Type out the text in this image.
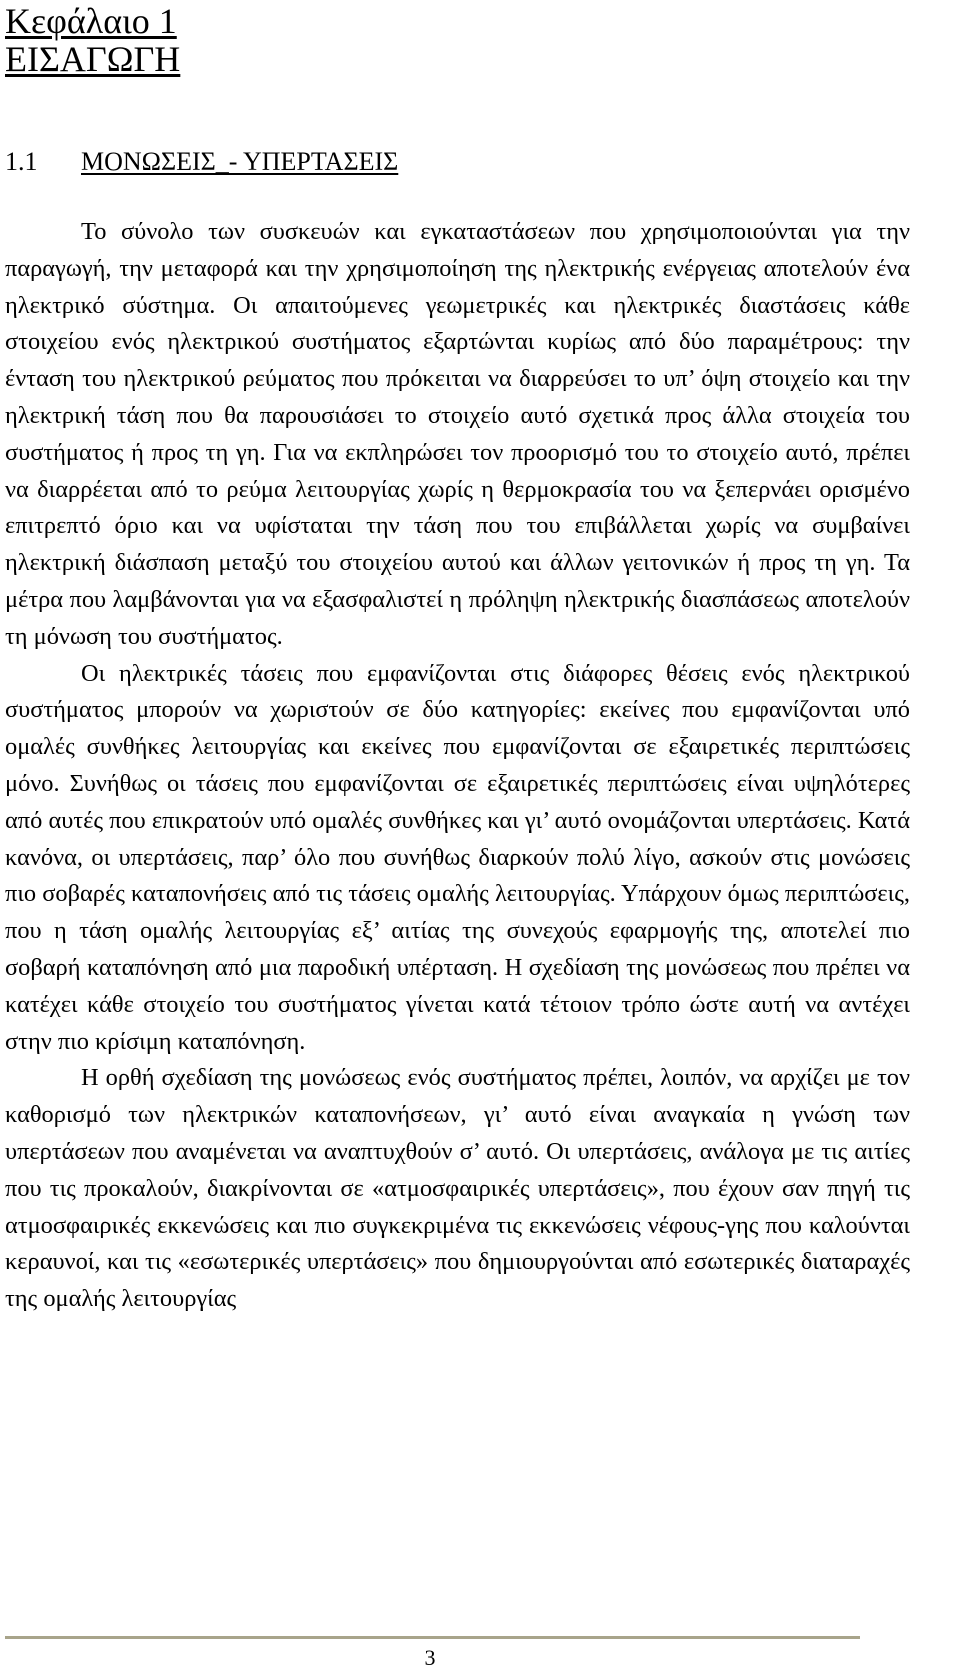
Κεφάλαιο 1
ΕΙΣΑΓΩΓΗ
1.1 ΜΟΝΩΣΕΙΣ_- ΥΠΕΡΤΑΣΕΙΣ

Το σύνολο των συσκευών και εγκαταστάσεων που χρησιμοποιούνται για την παραγωγή, την μεταφορά και την χρησιμοποίηση της ηλεκτρικής ενέργειας αποτελούν ένα ηλεκτρικό σύστημα. Οι απαιτούμενες γεωμετρικές και ηλεκτρικές διαστάσεις κάθε στοιχείου ενός ηλεκτρικού συστήματος εξαρτώνται κυρίως από δύο παραμέτρους: την ένταση του ηλεκτρικού ρεύματος που πρόκειται να διαρρεύσει το υπ’ όψη στοιχείο και την ηλεκτρική τάση που θα παρουσιάσει το στοιχείο αυτό σχετικά προς άλλα στοιχεία του συστήματος ή προς τη γη. Για να εκπληρώσει τον προορισμό του το στοιχείο αυτό, πρέπει να διαρρέεται από το ρεύμα λειτουργίας χωρίς η θερμοκρασία του να ξεπερνάει ορισμένο επιτρεπτό όριο και να υφίσταται την τάση που του επιβάλλεται χωρίς να συμβαίνει ηλεκτρική διάσπαση μεταξύ του στοιχείου αυτού και άλλων γειτονικών ή προς τη γη. Τα μέτρα που λαμβάνονται για να εξασφαλιστεί η πρόληψη ηλεκτρικής διασπάσεως αποτελούν τη μόνωση του συστήματος.

Οι ηλεκτρικές τάσεις που εμφανίζονται στις διάφορες θέσεις ενός ηλεκτρικού συστήματος μπορούν να χωριστούν σε δύο κατηγορίες: εκείνες που εμφανίζονται υπό ομαλές συνθήκες λειτουργίας και εκείνες που εμφανίζονται σε εξαιρετικές περιπτώσεις μόνο. Συνήθως οι τάσεις που εμφανίζονται σε εξαιρετικές περιπτώσεις είναι υψηλότερες από αυτές που επικρατούν υπό ομαλές συνθήκες και γι’ αυτό ονομάζονται υπερτάσεις. Κατά κανόνα, οι υπερτάσεις, παρ’ όλο που συνήθως διαρκούν πολύ λίγο, ασκούν στις μονώσεις πιο σοβαρές καταπονήσεις από τις τάσεις ομαλής λειτουργίας. Υπάρχουν όμως περιπτώσεις, που η τάση ομαλής λειτουργίας εξ’ αιτίας της συνεχούς εφαρμογής της, αποτελεί πιο σοβαρή καταπόνηση από μια παροδική υπέρταση. Η σχεδίαση της μονώσεως που πρέπει να κατέχει κάθε στοιχείο του συστήματος γίνεται κατά τέτοιον τρόπο ώστε αυτή να αντέχει στην πιο κρίσιμη καταπόνηση.

Η ορθή σχεδίαση της μονώσεως ενός συστήματος πρέπει, λοιπόν, να αρχίζει με τον καθορισμό των ηλεκτρικών καταπονήσεων, γι’ αυτό είναι αναγκαία η γνώση των υπερτάσεων που αναμένεται να αναπτυχθούν σ’ αυτό. Οι υπερτάσεις, ανάλογα με τις αιτίες που τις προκαλούν, διακρίνονται σε «ατμοσφαιρικές υπερτάσεις», που έχουν σαν πηγή τις ατμοσφαιρικές εκκενώσεις και πιο συγκεκριμένα τις εκκενώσεις νέφους-γης που καλούνται κεραυνοί, και τις «εσωτερικές υπερτάσεις» που δημιουργούνται από εσωτερικές διαταραχές της ομαλής λειτουργίας

3
